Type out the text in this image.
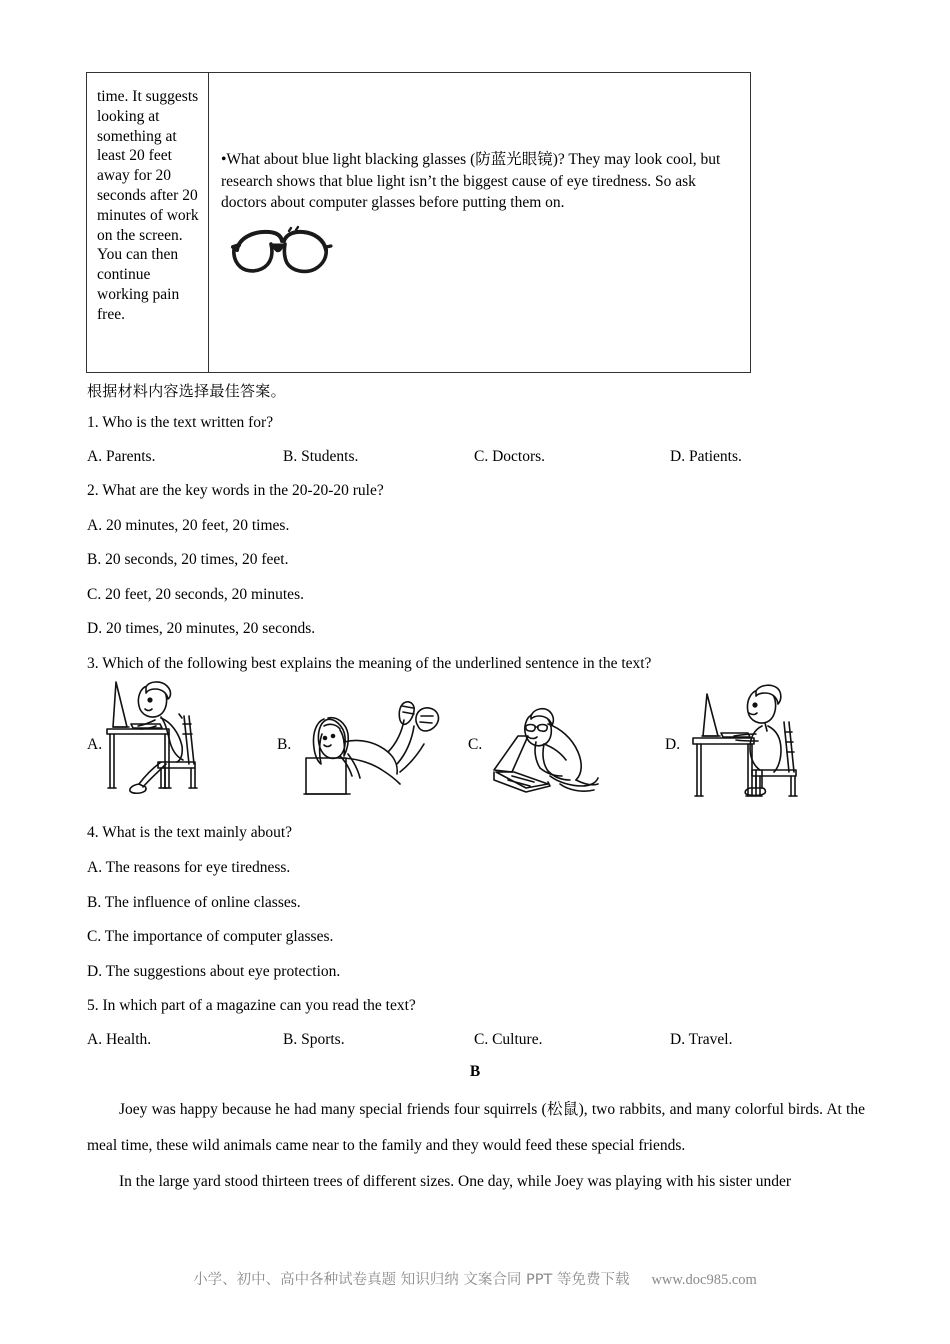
time. It suggests looking at something at least 20 feet away for 20 seconds after 20 minutes of work on the screen. You can then continue working pain free.
•What about blue light blacking glasses (防蓝光眼镜)? They may look cool, but research shows that blue light isn’t the biggest cause of eye tiredness. So ask doctors about computer glasses before putting them on.
根据材料内容选择最佳答案。
1. Who is the text written for?
A. Parents.	B. Students.	C. Doctors.	D. Patients.
2. What are the key words in the 20-20-20 rule?
A. 20 minutes, 20 feet, 20 times.
B. 20 seconds, 20 times, 20 feet.
C. 20 feet, 20 seconds, 20 minutes.
D. 20 times, 20 minutes, 20 seconds.
3. Which of the following best explains the meaning of the underlined sentence in the text?
A.	B.	C.	D.
4. What is the text mainly about?
A. The reasons for eye tiredness.
B. The influence of online classes.
C. The importance of computer glasses.
D. The suggestions about eye protection.
5. In which part of a magazine can you read the text?
A. Health.	B. Sports.	C. Culture.	D. Travel.
B
Joey was happy because he had many special friends four squirrels (松鼠), two rabbits, and many colorful birds. At the meal time, these wild animals came near to the family and they would feed these special friends.
In the large yard stood thirteen trees of different sizes. One day, while Joey was playing with his sister under
小学、初中、高中各种试卷真题 知识归纳 文案合同 PPT 等免费下载 www.doc985.com
